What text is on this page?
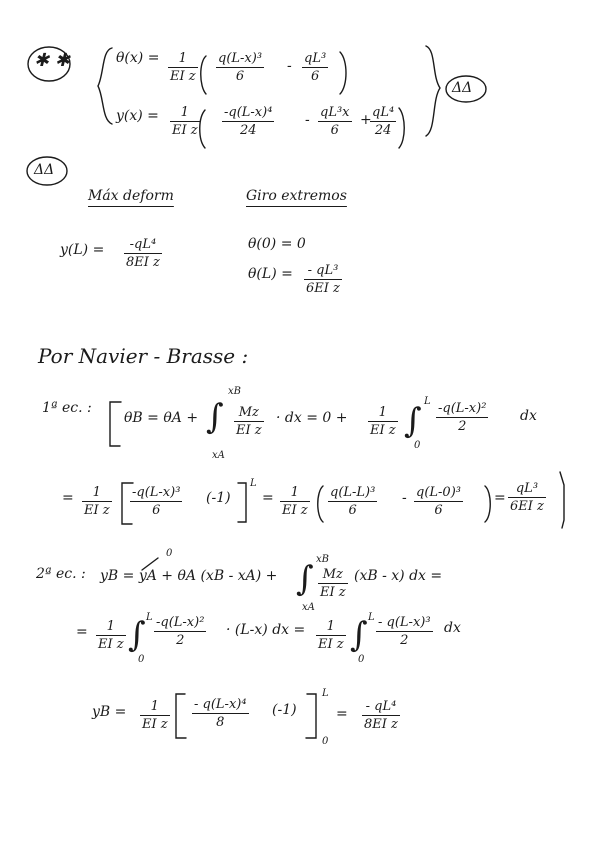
✱ ✱	θ(x) = 1
EI z
q(L-x)³
6
- qL³
6
y(x) = 1
EI z
-q(L-x)⁴
24
- qL³x
6
+ qL⁴
24
ΔΔ
ΔΔ
Máx deform	Giro extremos
y(L) = -qL⁴
8EI z
θ(0) = 0
θ(L) = - qL³
6EI z
Por Navier - Brasse :
1ª ec. :
θB = θA +
xB
∫
xA
Mz
EI z
· dx = 0 + 1
EI z
L
∫
0
-q(L-x)²
2
dx
= 1
EI z
-q(L-x)³
6
(-1)
L
= 1
EI z
q(L-L)³
6
- q(L-0)³
6
=
qL³
6EI z
2ª ec. : yB = yA + θA (xB - xA) +
0
xB
∫
xA
Mz
EI z
(xB - x) dx =
= 1
EI z
L
∫
0
-q(L-x)²
2
· (L-x) dx = 1
EI z
L
∫
0
- q(L-x)³
2
dx
yB = 1
EI z
- q(L-x)⁴
8
(-1)
L
0
= - qL⁴
8EI z
